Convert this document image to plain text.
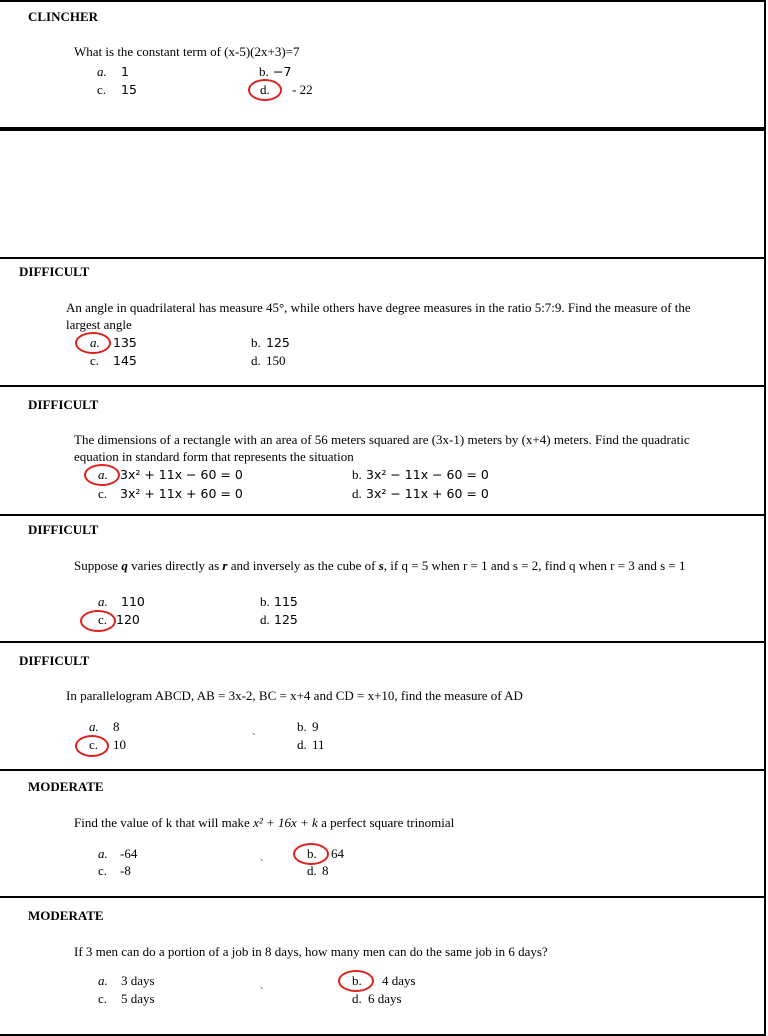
CLINCHER
What is the constant term of (x-5)(2x+3)=7
a. 1	b. −7
c. 15	d. - 22
DIFFICULT
An angle in quadrilateral has measure 45°, while others have degree measures in the ratio 5:7:9. Find the measure of the largest angle
a. 135	b. 125
c. 145	d. 150
DIFFICULT
The dimensions of a rectangle with an area of 56 meters squared are (3x-1) meters by (x+4) meters. Find the quadratic equation in standard form that represents the situation
a. 3x² + 11x − 60 = 0	b. 3x² − 11x − 60 = 0
c. 3x² + 11x + 60 = 0	d. 3x² − 11x + 60 = 0
DIFFICULT
Suppose q varies directly as r and inversely as the cube of s, if q = 5 when r = 1 and s = 2, find q when r = 3 and s = 1
a. 110	b. 115
c. 120	d. 125
DIFFICULT
In parallelogram ABCD, AB = 3x-2, BC = x+4 and CD = x+10, find the measure of AD
a. 8	b. 9
c. 10	`	d. 11
MODERATE
Find the value of k that will make x² + 16x + k a perfect square trinomial
a. -64	b. 64
c. -8	`	d. 8
MODERATE
If 3 men can do a portion of a job in 8 days, how many men can do the same job in 6 days?
a. 3 days	b. 4 days
c. 5 days	`	d. 6 days
